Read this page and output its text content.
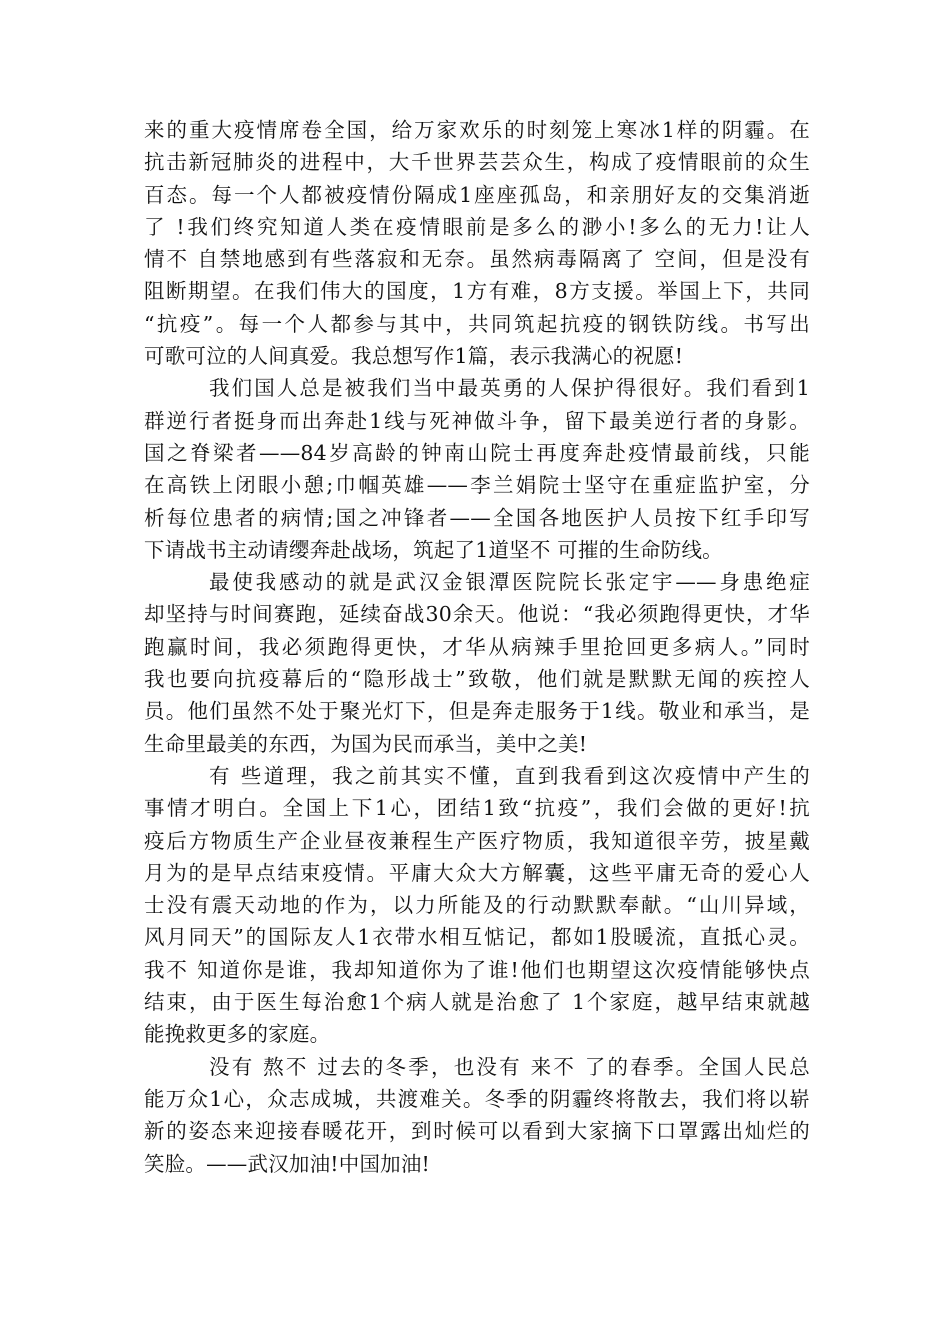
来的重大疫情席卷全国，给万家欢乐的时刻笼上寒冰1样的阴霾。在
抗击新冠肺炎的进程中，大千世界芸芸众生，构成了疫情眼前的众生
百态。每一个人都被疫情份隔成1座座孤岛，和亲朋好友的交集消逝
了 !我们终究知道人类在疫情眼前是多么的渺小!多么的无力!让人
情不 自禁地感到有些落寂和无奈。虽然病毒隔离了 空间，但是没有
阻断期望。在我们伟大的国度，1方有难，8方支援。举国上下，共同
“抗疫”。每一个人都参与其中，共同筑起抗疫的钢铁防线。书写出
可歌可泣的人间真爱。我总想写作1篇，表示我满心的祝愿!
我们国人总是被我们当中最英勇的人保护得很好。我们看到1
群逆行者挺身而出奔赴1线与死神做斗争，留下最美逆行者的身影。
国之脊梁者——84岁高龄的钟南山院士再度奔赴疫情最前线，只能
在高铁上闭眼小憩;巾帼英雄——李兰娟院士坚守在重症监护室，分
析每位患者的病情;国之冲锋者——全国各地医护人员按下红手印写
下请战书主动请缨奔赴战场，筑起了1道坚不 可摧的生命防线。
最使我感动的就是武汉金银潭医院院长张定宇——身患绝症
却坚持与时间赛跑，延续奋战30余天。他说：“我必须跑得更快，才华
跑赢时间，我必须跑得更快，才华从病辣手里抢回更多病人。”同时
我也要向抗疫幕后的“隐形战士”致敬，他们就是默默无闻的疾控人
员。他们虽然不处于聚光灯下，但是奔走服务于1线。敬业和承当，是
生命里最美的东西，为国为民而承当，美中之美!
有 些道理，我之前其实不懂，直到我看到这次疫情中产生的
事情才明白。全国上下1心，团结1致“抗疫”，我们会做的更好!抗
疫后方物质生产企业昼夜兼程生产医疗物质，我知道很辛劳，披星戴
月为的是早点结束疫情。平庸大众大方解囊，这些平庸无奇的爱心人
士没有震天动地的作为，以力所能及的行动默默奉献。“山川异域，
风月同天”的国际友人1衣带水相互惦记，都如1股暖流，直抵心灵。
我不 知道你是谁，我却知道你为了谁!他们也期望这次疫情能够快点
结束，由于医生每治愈1个病人就是治愈了 1个家庭，越早结束就越
能挽救更多的家庭。
没有 熬不 过去的冬季，也没有 来不 了的春季。全国人民总
能万众1心，众志成城，共渡难关。冬季的阴霾终将散去，我们将以崭
新的姿态来迎接春暖花开，到时候可以看到大家摘下口罩露出灿烂的
笑脸。——武汉加油!中国加油!
